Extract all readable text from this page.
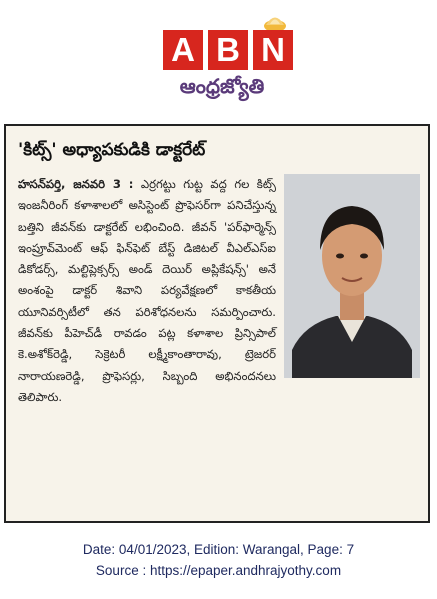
A B N
ఆంధ్రజ్యోతి
'కిట్స్' అధ్యాపకుడికి డాక్టరేట్
హసన్‌పర్తి, జనవరి 3 : ఎర్రగట్టు గుట్ట వద్ద గల కిట్స్ ఇంజనీరింగ్ కళాశాలలో అసిస్టెంట్ ప్రొఫెసర్‌గా పనిచేస్తున్న బత్తిని జీవన్‌కు డాక్టరేట్ లభించింది. జీవన్ 'పర్‌ఫార్మెన్స్ ఇంప్రూవ్‌మెంట్ ఆఫ్ ఫిన్‌ఫెట్ బేస్ట్ డిజిటల్ వీఎల్ఎస్ఐ డికోడర్స్, మల్టిప్లెక్సర్స్ అండ్ దెయిర్ అప్లికేషన్స్' అనే అంశంపై డాక్టర్ శివాని పర్యవేక్షణలో కాకతీయ యూనివర్సిటీలో తన పరిశోధనలను సమర్పించారు. జీవన్‌కు పీహెచ్‌డీ రావడం పట్ల కళాశాల ప్రిన్సిపాల్ కె.అశోక్‌రెడ్డి, సెక్రెటరీ లక్ష్మీకాంతారావు, ట్రెజరర్ నారాయణరెడ్డి, ప్రొఫెసర్లు, సిబ్బంది అభినందనలు తెలిపారు.
Date: 04/01/2023, Edition: Warangal, Page: 7
Source : https://epaper.andhrajyothy.com
